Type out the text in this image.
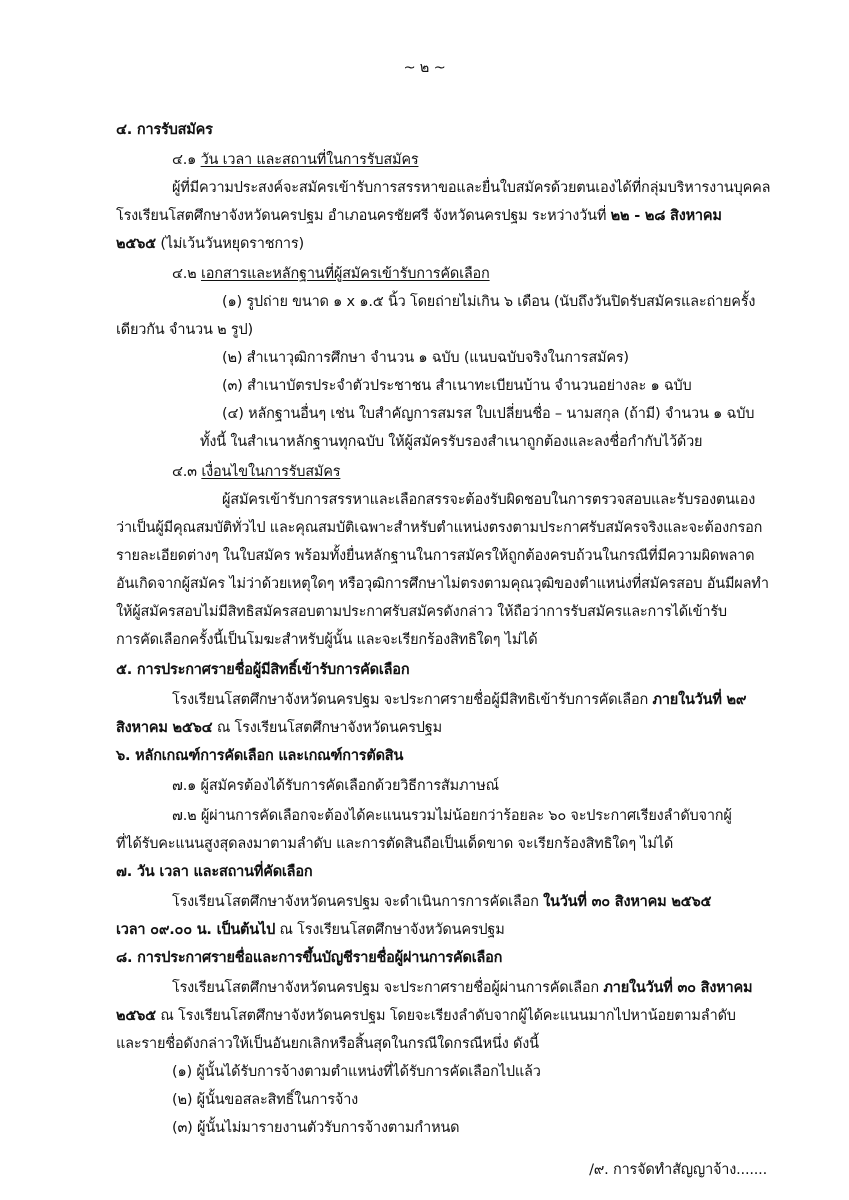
~ ๒ ~
๔. การรับสมัคร
๔.๑ วัน เวลา และสถานที่ในการรับสมัคร
ผู้ที่มีความประสงค์จะสมัครเข้ารับการสรรหาขอและยื่นใบสมัครด้วยตนเองได้ที่กลุ่มบริหารงานบุคคล
โรงเรียนโสตศึกษาจังหวัดนครปฐม อำเภอนครชัยศรี จังหวัดนครปฐม ระหว่างวันที่ ๒๒ - ๒๘ สิงหาคม
๒๕๖๕ (ไม่เว้นวันหยุดราชการ)
๔.๒ เอกสารและหลักฐานที่ผู้สมัครเข้ารับการคัดเลือก
(๑) รูปถ่าย ขนาด ๑ x ๑.๕ นิ้ว โดยถ่ายไม่เกิน ๖ เดือน (นับถึงวันปิดรับสมัครและถ่ายครั้ง
เดียวกัน จำนวน ๒ รูป)
(๒) สำเนาวุฒิการศึกษา จำนวน ๑ ฉบับ (แนบฉบับจริงในการสมัคร)
(๓) สำเนาบัตรประจำตัวประชาชน สำเนาทะเบียนบ้าน จำนวนอย่างละ ๑ ฉบับ
(๔) หลักฐานอื่นๆ เช่น ใบสำคัญการสมรส ใบเปลี่ยนชื่อ – นามสกุล (ถ้ามี) จำนวน ๑ ฉบับ
ทั้งนี้ ในสำเนาหลักฐานทุกฉบับ ให้ผู้สมัครรับรองสำเนาถูกต้องและลงชื่อกำกับไว้ด้วย
๔.๓ เงื่อนไขในการรับสมัคร
ผู้สมัครเข้ารับการสรรหาและเลือกสรรจะต้องรับผิดชอบในการตรวจสอบและรับรองตนเอง
ว่าเป็นผู้มีคุณสมบัติทั่วไป และคุณสมบัติเฉพาะสำหรับตำแหน่งตรงตามประกาศรับสมัครจริงและจะต้องกรอก
รายละเอียดต่างๆ ในใบสมัคร พร้อมทั้งยื่นหลักฐานในการสมัครให้ถูกต้องครบถ้วนในกรณีที่มีความผิดพลาด
อันเกิดจากผู้สมัคร ไม่ว่าด้วยเหตุใดๆ หรือวุฒิการศึกษาไม่ตรงตามคุณวุฒิของตำแหน่งที่สมัครสอบ อันมีผลทำ
ให้ผู้สมัครสอบไม่มีสิทธิสมัครสอบตามประกาศรับสมัครดังกล่าว ให้ถือว่าการรับสมัครและการได้เข้ารับ
การคัดเลือกครั้งนี้เป็นโมฆะสำหรับผู้นั้น และจะเรียกร้องสิทธิใดๆ ไม่ได้
๕. การประกาศรายชื่อผู้มีสิทธิ์เข้ารับการคัดเลือก
โรงเรียนโสตศึกษาจังหวัดนครปฐม จะประกาศรายชื่อผู้มีสิทธิเข้ารับการคัดเลือก ภายในวันที่ ๒๙
สิงหาคม ๒๕๖๔ ณ โรงเรียนโสตศึกษาจังหวัดนครปฐม
๖. หลักเกณฑ์การคัดเลือก และเกณฑ์การตัดสิน
๗.๑ ผู้สมัครต้องได้รับการคัดเลือกด้วยวิธีการสัมภาษณ์
๗.๒ ผู้ผ่านการคัดเลือกจะต้องได้คะแนนรวมไม่น้อยกว่าร้อยละ ๖๐ จะประกาศเรียงลำดับจากผู้
ที่ได้รับคะแนนสูงสุดลงมาตามลำดับ และการตัดสินถือเป็นเด็ดขาด จะเรียกร้องสิทธิใดๆ ไม่ได้
๗. วัน เวลา และสถานที่คัดเลือก
โรงเรียนโสตศึกษาจังหวัดนครปฐม จะดำเนินการการคัดเลือก ในวันที่ ๓๐ สิงหาคม ๒๕๖๕
เวลา ๐๙.๐๐ น. เป็นต้นไป ณ โรงเรียนโสตศึกษาจังหวัดนครปฐม
๘. การประกาศรายชื่อและการขึ้นบัญชีรายชื่อผู้ผ่านการคัดเลือก
โรงเรียนโสตศึกษาจังหวัดนครปฐม จะประกาศรายชื่อผู้ผ่านการคัดเลือก ภายในวันที่ ๓๐ สิงหาคม
๒๕๖๕ ณ โรงเรียนโสตศึกษาจังหวัดนครปฐม โดยจะเรียงลำดับจากผู้ได้คะแนนมากไปหาน้อยตามลำดับ
และรายชื่อดังกล่าวให้เป็นอันยกเลิกหรือสิ้นสุดในกรณีใดกรณีหนึ่ง ดังนี้
(๑) ผู้นั้นได้รับการจ้างตามตำแหน่งที่ได้รับการคัดเลือกไปแล้ว
(๒) ผู้นั้นขอสละสิทธิ์ในการจ้าง
(๓) ผู้นั้นไม่มารายงานตัวรับการจ้างตามกำหนด
/๙. การจัดทำสัญญาจ้าง.......
